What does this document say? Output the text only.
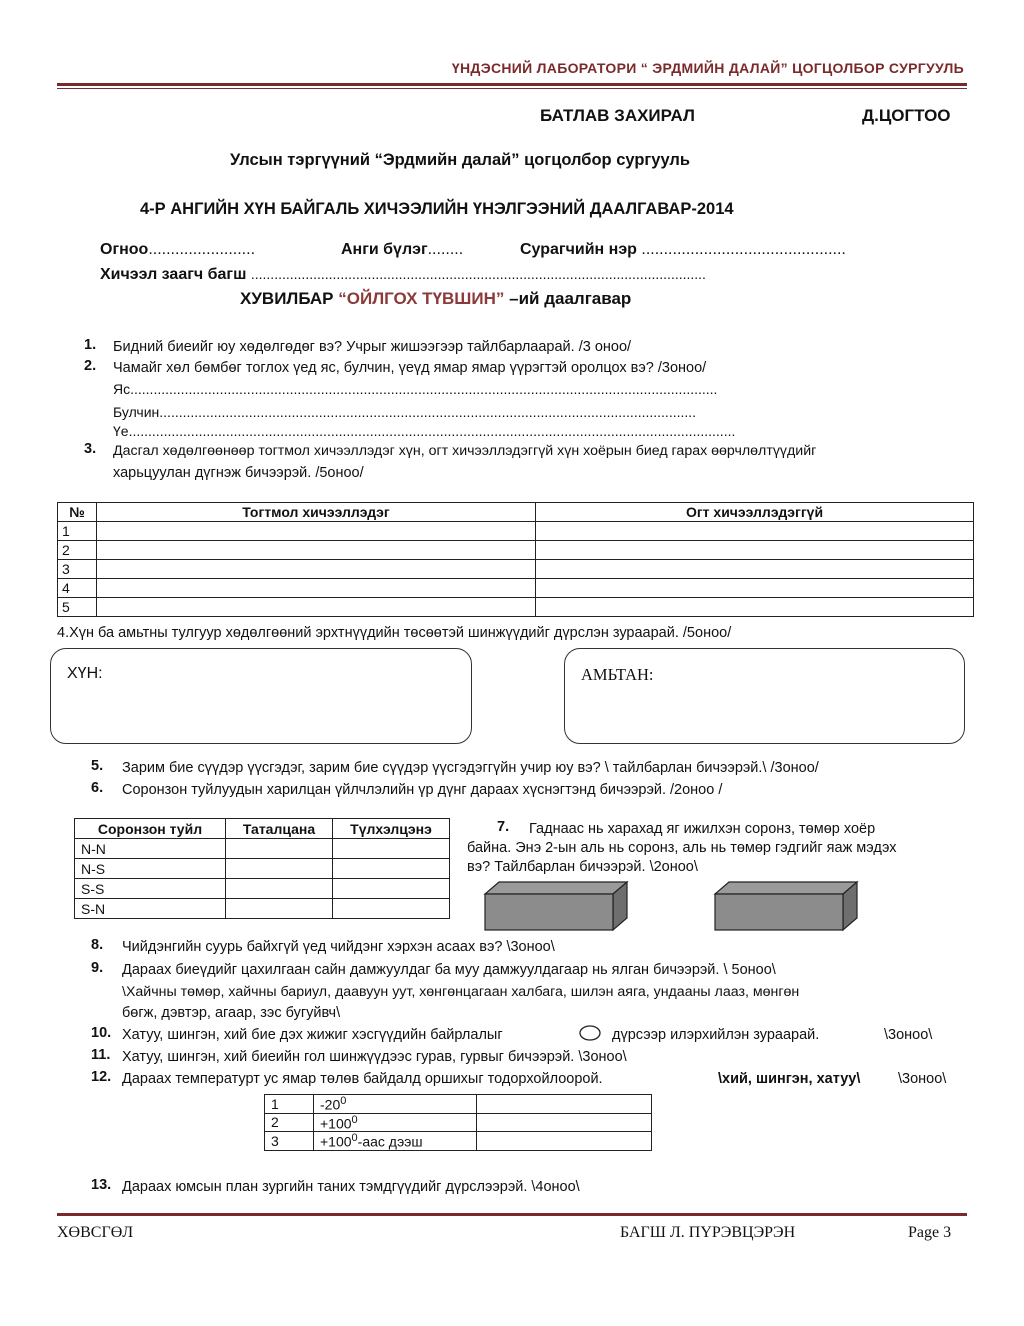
ҮНДЭСНИЙ ЛАБОРАТОРИ “ ЭРДМИЙН ДАЛАЙ” ЦОГЦОЛБОР СУРГУУЛЬ
БАТЛАВ ЗАХИРАЛ	Д.ЦОГТОО
Улсын тэргүүний “Эрдмийн далай” цогцолбор сургууль
4-Р АНГИЙН ХҮН БАЙГАЛЬ ХИЧЭЭЛИЙН ҮНЭЛГЭЭНИЙ ДААЛГАВАР-2014
Огноо........................	Анги бүлэг........	Сурагчийн нэр ..............................................
Хичээл заагч багш .....................................................................................................................
ХУВИЛБАР “ОЙЛГОХ ТҮВШИН” –ий даалгавар
1. Бидний биеийг юу хөдөлгөдөг вэ? Учрыг жишээгээр тайлбарлаарай. /3 оноо/
2. Чамайг хөл бөмбөг тоглох үед яс, булчин, үеүд ямар ямар үүрэгтэй оролцох вэ? /3оноо/
Яс.......................................................................................................................................................
Булчин..........................................................................................................................................
Үе............................................................................................................................................................
3. Дасгал хөдөлгөөнөөр тогтмол хичээллэдэг хүн, огт хичээллэдэггүй хүн хоёрын биед гарах өөрчлөлтүүдийг
харьцуулан дүгнэж бичээрэй. /5оноо/
№	Тогтмол хичээллэдэг	Огт хичээллэдэггүй
1		
2		
3		
4		
5		
4.Хүн ба амьтны тулгуур хөдөлгөөний эрхтнүүдийн төсөөтэй шинжүүдийг дүрслэн зураарай. /5оноо/
ХҮН:	АМЬТАН:
5. Зарим бие сүүдэр үүсгэдэг, зарим бие сүүдэр үүсгэдэггүйн учир юу вэ? \ тайлбарлан бичээрэй.\ /3оноо/
6. Соронзон туйлуудын харилцан үйлчлэлийн үр дүнг дараах хүснэгтэнд бичээрэй. /2оноо /
Соронзон туйл	Таталцана	Түлхэлцэнэ
N-N		
N-S		
S-S		
S-N		
7. Гаднаас нь харахад яг ижилхэн соронз, төмөр хоёр
байна. Энэ 2-ын аль нь соронз, аль нь төмөр гэдгийг яаж мэдэх
вэ? Тайлбарлан бичээрэй. \2оноо\
8. Чийдэнгийн суурь байхгүй үед чийдэнг хэрхэн асаах вэ? \3оноо\
9. Дараах биеүдийг цахилгаан сайн дамжуулдаг ба муу дамжуулдагаар нь ялган бичээрэй. \ 5оноо\
\Хайчны төмөр, хайчны бариул, даавуун уут, хөнгөнцагаан халбага, шилэн аяга, ундааны лааз, мөнгөн
бөгж, дэвтэр, агаар, зэс бугуйвч\
10. Хатуу, шингэн, хий бие дэх жижиг хэсгүүдийн байрлалыг	дүрсээр илэрхийлэн зураарай.	\3оноо\
11. Хатуу, шингэн, хий биеийн гол шинжүүдээс гурав, гурвыг бичээрэй. \3оноо\
12. Дараах температурт ус ямар төлөв байдалд оршихыг тодорхойлоорой.	\хий, шингэн, хатуу\	\3оноо\
1	$-20^0$	
2	$+100^0$	
3	$+100^0$-аас дээш	
13. Дараах юмсын план зургийн таних тэмдгүүдийг дүрслээрэй. \4оноо\
ХӨВСГӨЛ	БАГШ Л. ПҮРЭВЦЭРЭН	Page 3
